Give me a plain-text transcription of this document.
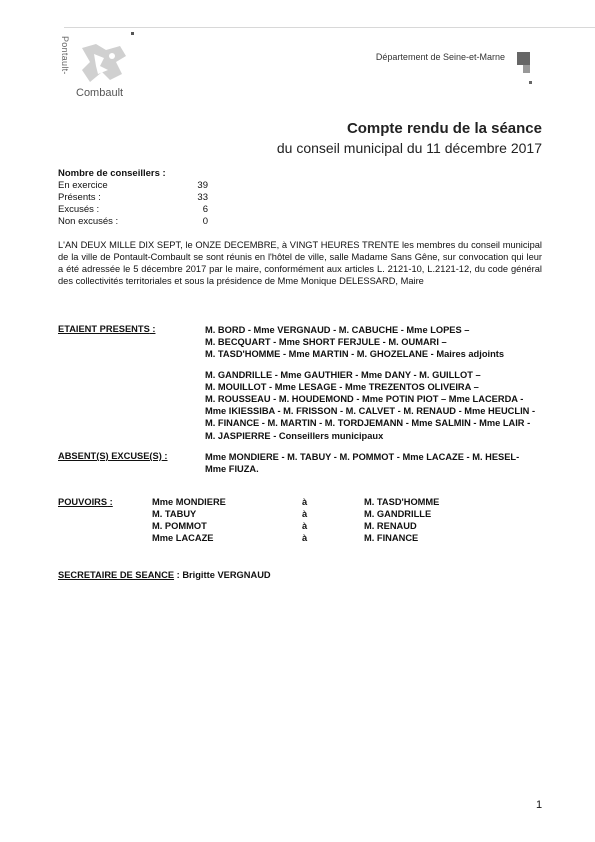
Pontault-
Combault
Département de Seine-et-Marne
Compte rendu de la séance
du conseil municipal du 11 décembre 2017
Nombre de conseillers :
En exercice	39
Présents :	33
Excusés :	6
Non excusés :	0
L'AN DEUX MILLE DIX SEPT, le ONZE DECEMBRE, à VINGT HEURES TRENTE les membres du conseil municipal de la ville de Pontault-Combault se sont réunis en l'hôtel de ville, salle Madame Sans Gêne, sur convocation qui leur a été adressée le 5 décembre 2017 par le maire, conformément aux articles L. 2121-10, L.2121-12, du code général des collectivités territoriales et sous la présidence de Mme Monique DELESSARD, Maire
ETAIENT PRESENTS :	M. BORD - Mme VERGNAUD - M. CABUCHE - Mme LOPES –

M. BECQUART - Mme SHORT FERJULE - M. OUMARI –

M. TASD'HOMME - Mme MARTIN - M. GHOZELANE - Maires adjoints

M. GANDRILLE - Mme GAUTHIER - Mme DANY - M. GUILLOT –

M. MOUILLOT - Mme LESAGE - Mme TREZENTOS OLIVEIRA –

M. ROUSSEAU - M. HOUDEMOND - Mme POTIN PIOT – Mme LACERDA -

Mme IKIESSIBA - M. FRISSON - M. CALVET - M. RENAUD - Mme HEUCLIN -

M. FINANCE - M. MARTIN - M. TORDJEMANN - Mme SALMIN - Mme LAIR -

M. JASPIERRE - Conseillers municipaux

ABSENT(S) EXCUSE(S) :	Mme MONDIERE - M. TABUY - M. POMMOT - Mme LACAZE - M. HESEL-

Mme FIUZA.

POUVOIRS :	Mme MONDIERE	à	M. TASD'HOMME
M. TABUY	à	M. GANDRILLE
M. POMMOT	à	M. RENAUD
Mme LACAZE	à	M. FINANCE
SECRETAIRE DE SEANCE : Brigitte VERGNAUD
1
